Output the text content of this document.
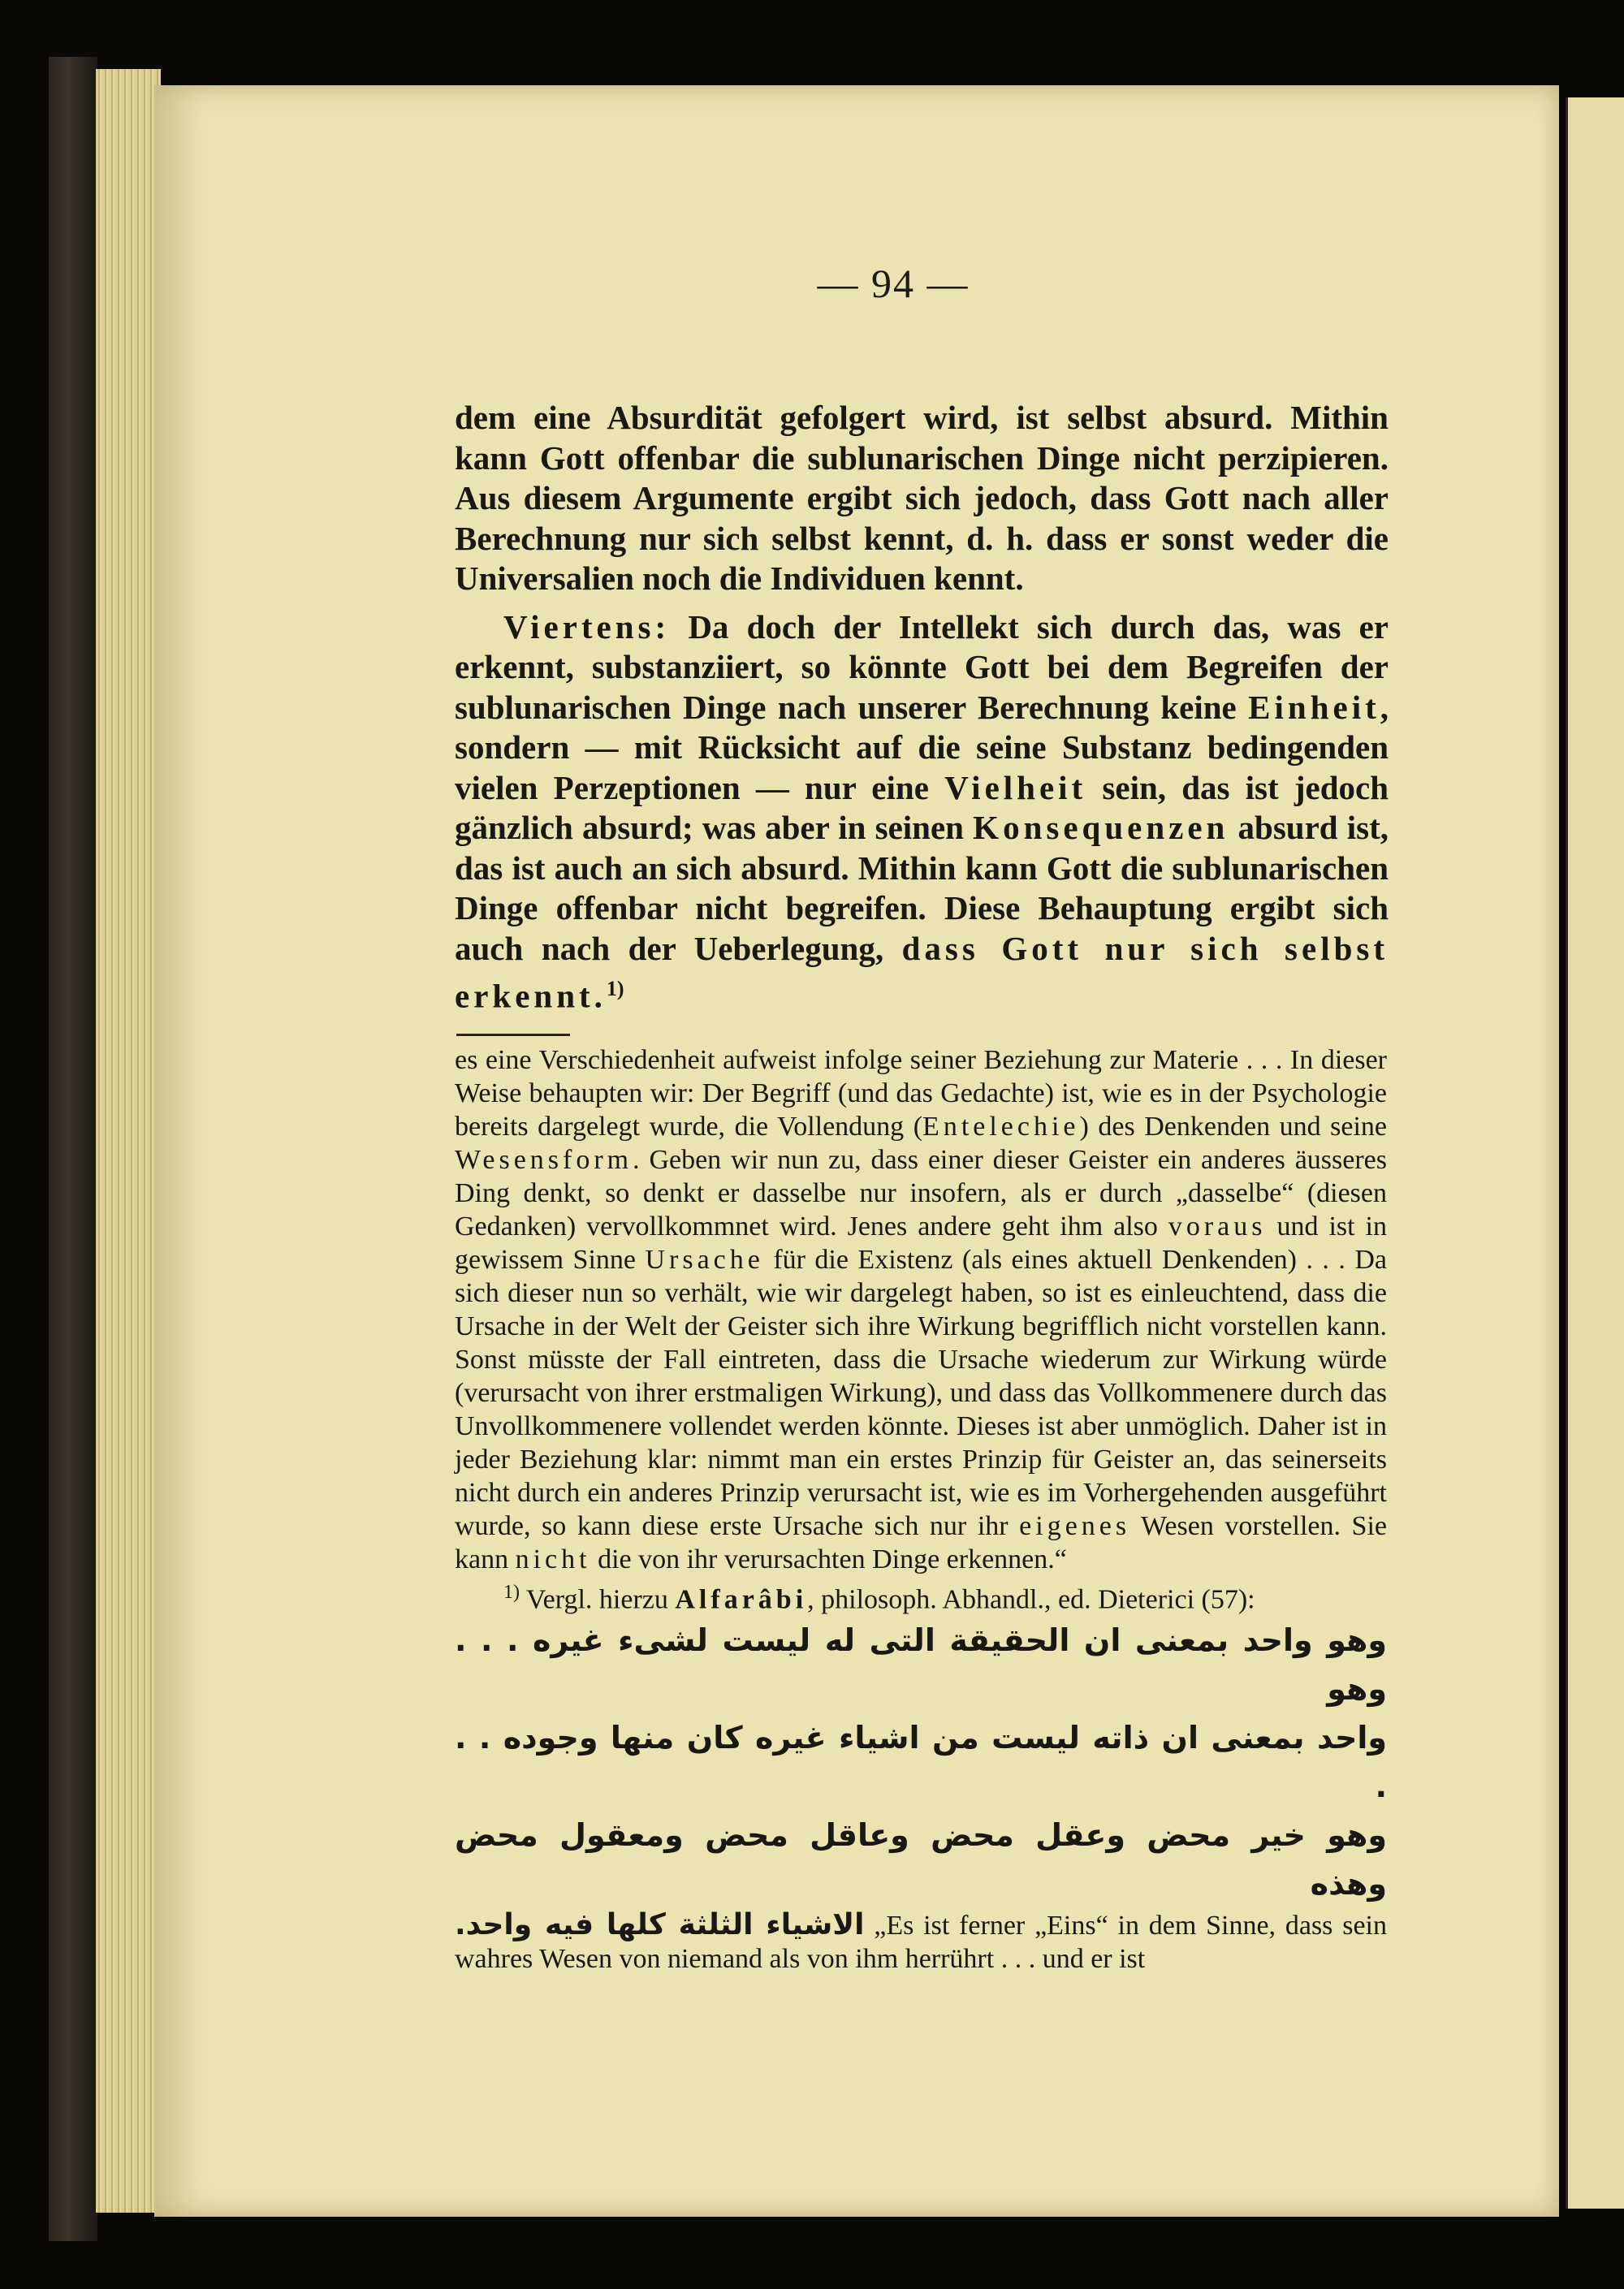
— 94 —

dem eine Absurdität gefolgert wird, ist selbst absurd. Mithin kann Gott offenbar die sublunarischen Dinge nicht perzipieren. Aus diesem Argumente ergibt sich jedoch, dass Gott nach aller Berechnung nur sich selbst kennt, d. h. dass er sonst weder die Universalien noch die Individuen kennt.

Viertens: Da doch der Intellekt sich durch das, was er erkennt, substanziiert, so könnte Gott bei dem Begreifen der sublunarischen Dinge nach unserer Berechnung keine Einheit, sondern — mit Rücksicht auf die seine Substanz bedingenden vielen Perzeptionen — nur eine Vielheit sein, das ist jedoch gänzlich absurd; was aber in seinen Konsequenzen absurd ist, das ist auch an sich absurd. Mithin kann Gott die sublunarischen Dinge offenbar nicht begreifen. Diese Behauptung ergibt sich auch nach der Ueberlegung, dass Gott nur sich selbst erkennt.$^{1)}$

es eine Verschiedenheit aufweist infolge seiner Beziehung zur Materie . . . In dieser Weise behaupten wir: Der Begriff (und das Gedachte) ist, wie es in der Psychologie bereits dargelegt wurde, die Vollendung (Entelechie) des Denkenden und seine Wesensform. Geben wir nun zu, dass einer dieser Geister ein anderes äusseres Ding denkt, so denkt er dasselbe nur insofern, als er durch „dasselbe“ (diesen Gedanken) vervollkommnet wird. Jenes andere geht ihm also voraus und ist in gewissem Sinne Ursache für die Existenz (als eines aktuell Denkenden) . . . Da sich dieser nun so verhält, wie wir dargelegt haben, so ist es einleuchtend, dass die Ursache in der Welt der Geister sich ihre Wirkung begrifflich nicht vorstellen kann. Sonst müsste der Fall eintreten, dass die Ursache wiederum zur Wirkung würde (verursacht von ihrer erstmaligen Wirkung), und dass das Vollkommenere durch das Unvollkommenere vollendet werden könnte. Dieses ist aber unmöglich. Daher ist in jeder Beziehung klar: nimmt man ein erstes Prinzip für Geister an, das seinerseits nicht durch ein anderes Prinzip verursacht ist, wie es im Vorhergehenden ausgeführt wurde, so kann diese erste Ursache sich nur ihr eigenes Wesen vorstellen. Sie kann nicht die von ihr verursachten Dinge erkennen.“

$^{1)}$ Vergl. hierzu Alfarâbi, philosoph. Abhandl., ed. Dieterici (57):

وهو واحد بمعنى ان الحقيقة التى له ليست لشىء غيره . . . وهو
واحد بمعنى ان ذاته ليست من اشياء غيره كان منها وجوده . . .
وهو خير محض وعقل محض وعاقل محض ومعقول محض وهذه

الاشياء الثلثة كلها فيه واحد. „Es ist ferner „Eins“ in dem Sinne, dass sein wahres Wesen von niemand als von ihm herrührt . . . und er ist
